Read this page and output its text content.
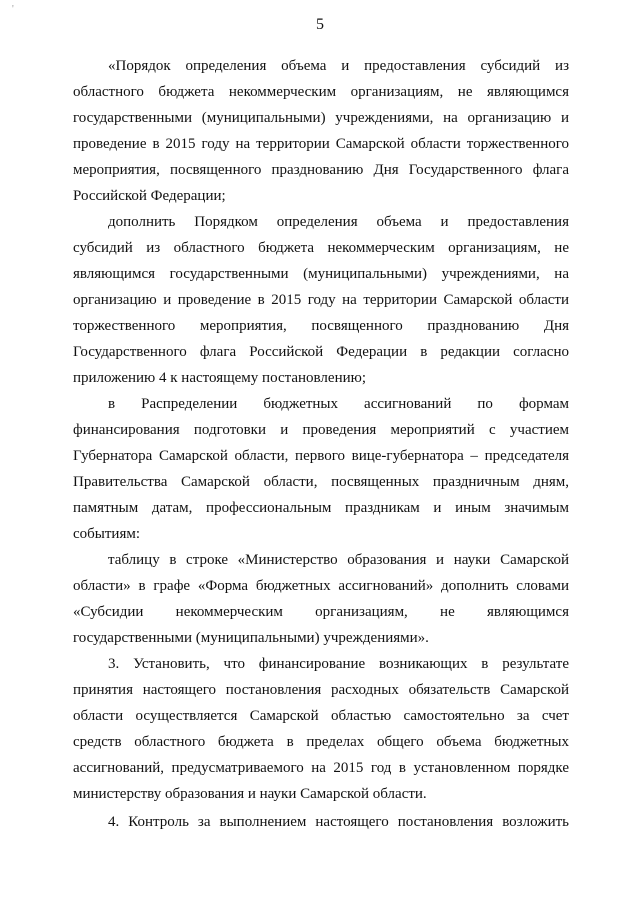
'
5
«Порядок определения объема и предоставления субсидий из
областного бюджета некоммерческим организациям, не являющимся
государственными (муниципальными) учреждениями, на организацию и
проведение в 2015 году на территории Самарской области торжественного
мероприятия, посвященного празднованию Дня Государственного флага
Российской Федерации;
дополнить Порядком определения объема и предоставления
субсидий из областного бюджета некоммерческим организациям, не
являющимся государственными (муниципальными) учреждениями, на
организацию и проведение в 2015 году на территории Самарской области
торжественного мероприятия, посвященного празднованию Дня
Государственного флага Российской Федерации в редакции согласно
приложению 4 к настоящему постановлению;
в Распределении бюджетных ассигнований по формам
финансирования подготовки и проведения мероприятий с участием
Губернатора Самарской области, первого вице-губернатора – председателя
Правительства Самарской области, посвященных праздничным дням,
памятным датам, профессиональным праздникам и иным значимым
событиям:
таблицу в строке «Министерство образования и науки Самарской
области» в графе «Форма бюджетных ассигнований» дополнить словами
«Субсидии некоммерческим организациям, не являющимся
государственными (муниципальными) учреждениями».
3. Установить, что финансирование возникающих в результате
принятия настоящего постановления расходных обязательств Самарской
области осуществляется Самарской областью самостоятельно за счет
средств областного бюджета в пределах общего объема бюджетных
ассигнований, предусматриваемого на 2015 год в установленном порядке
министерству образования и науки Самарской области.
4. Контроль за выполнением настоящего постановления возложить
